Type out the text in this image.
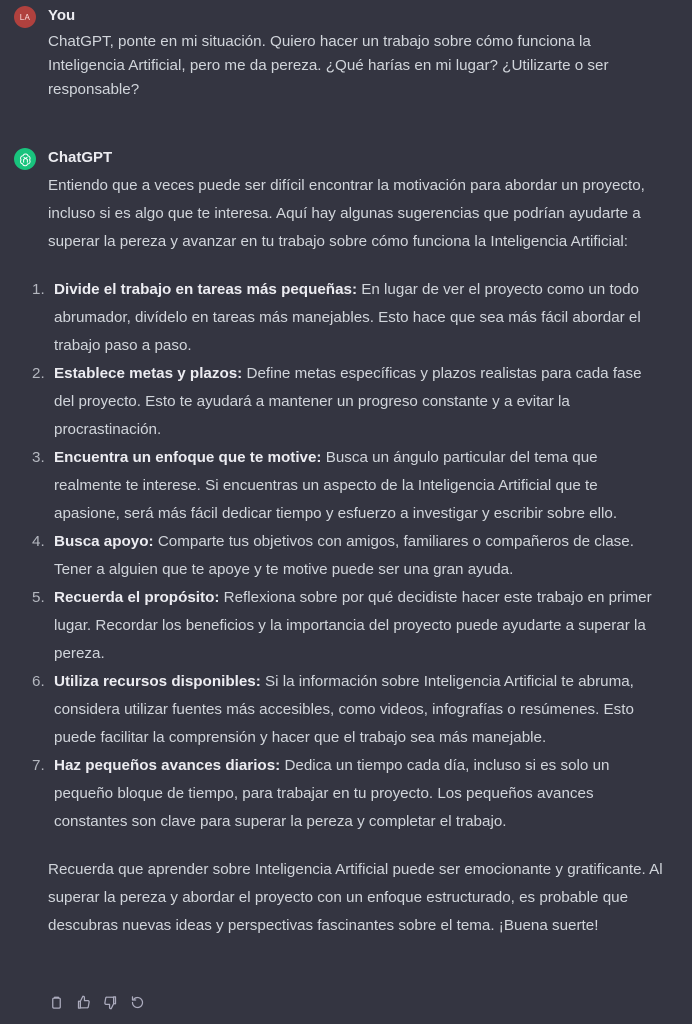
LA You

ChatGPT, ponte en mi situación. Quiero hacer un trabajo sobre cómo funciona la Inteligencia Artificial, pero me da pereza. ¿Qué harías en mi lugar? ¿Utilizarte o ser responsable?

ChatGPT

Entiendo que a veces puede ser difícil encontrar la motivación para abordar un proyecto, incluso si es algo que te interesa. Aquí hay algunas sugerencias que podrían ayudarte a superar la pereza y avanzar en tu trabajo sobre cómo funciona la Inteligencia Artificial:

1. Divide el trabajo en tareas más pequeñas: En lugar de ver el proyecto como un todo abrumador, divídelo en tareas más manejables. Esto hace que sea más fácil abordar el trabajo paso a paso.
2. Establece metas y plazos: Define metas específicas y plazos realistas para cada fase del proyecto. Esto te ayudará a mantener un progreso constante y a evitar la procrastinación.
3. Encuentra un enfoque que te motive: Busca un ángulo particular del tema que realmente te interese. Si encuentras un aspecto de la Inteligencia Artificial que te apasione, será más fácil dedicar tiempo y esfuerzo a investigar y escribir sobre ello.
4. Busca apoyo: Comparte tus objetivos con amigos, familiares o compañeros de clase. Tener a alguien que te apoye y te motive puede ser una gran ayuda.
5. Recuerda el propósito: Reflexiona sobre por qué decidiste hacer este trabajo en primer lugar. Recordar los beneficios y la importancia del proyecto puede ayudarte a superar la pereza.
6. Utiliza recursos disponibles: Si la información sobre Inteligencia Artificial te abruma, considera utilizar fuentes más accesibles, como videos, infografías o resúmenes. Esto puede facilitar la comprensión y hacer que el trabajo sea más manejable.
7. Haz pequeños avances diarios: Dedica un tiempo cada día, incluso si es solo un pequeño bloque de tiempo, para trabajar en tu proyecto. Los pequeños avances constantes son clave para superar la pereza y completar el trabajo.

Recuerda que aprender sobre Inteligencia Artificial puede ser emocionante y gratificante. Al superar la pereza y abordar el proyecto con un enfoque estructurado, es probable que descubras nuevas ideas y perspectivas fascinantes sobre el tema. ¡Buena suerte!
